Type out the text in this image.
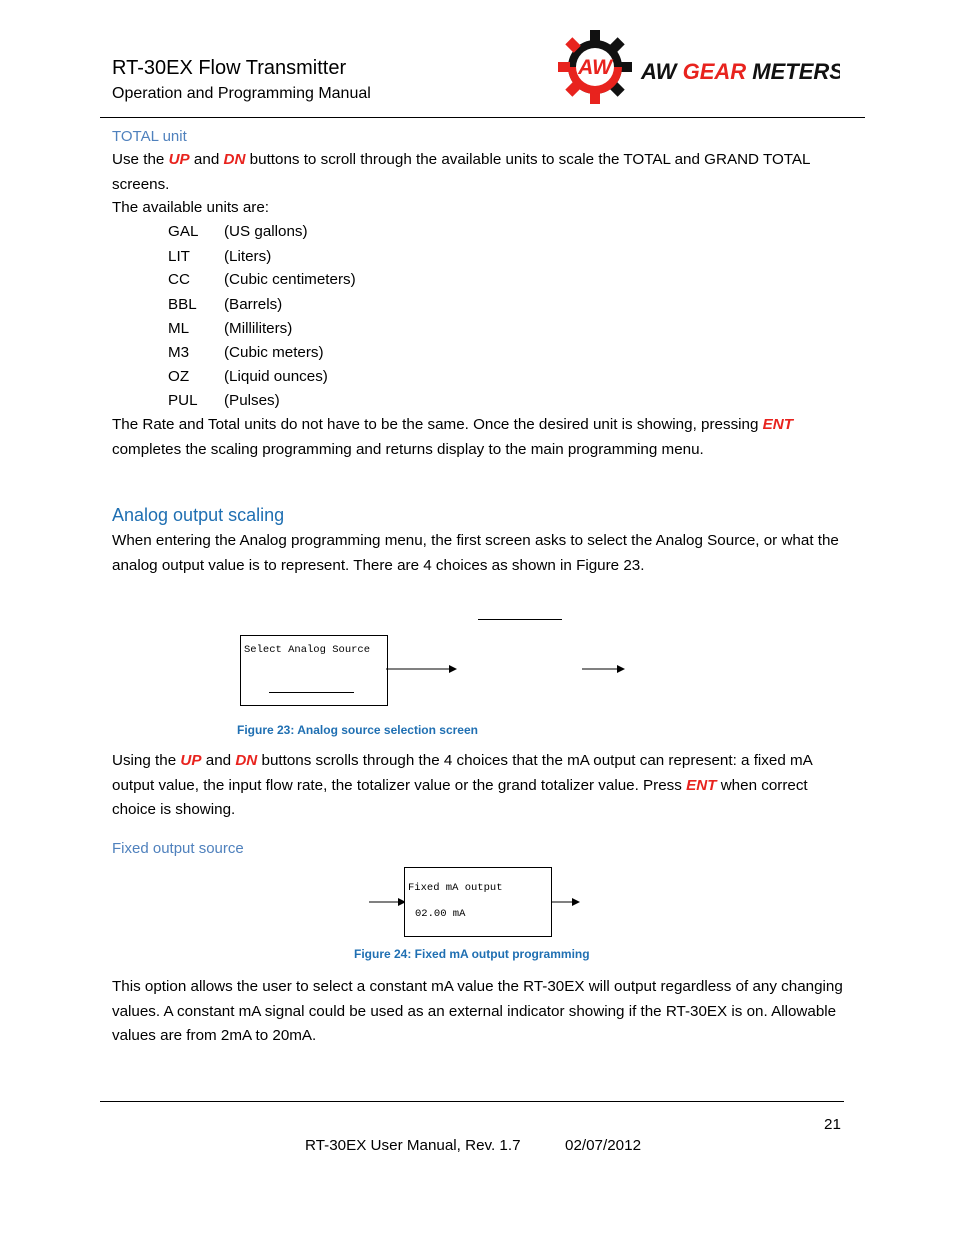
RT-30EX Flow Transmitter
Operation and Programming Manual
AW AW GEAR METERS
TOTAL unit
Use the UP and DN buttons to scroll through the available units to scale the TOTAL and GRAND TOTAL screens.
The available units are:
GAL (US gallons)
LIT (Liters)
CC (Cubic centimeters)
BBL (Barrels)
ML (Milliliters)
M3 (Cubic meters)
OZ (Liquid ounces)
PUL (Pulses)
The Rate and Total units do not have to be the same. Once the desired unit is showing, pressing ENT completes the scaling programming and returns display to the main programming menu.
Analog output scaling
When entering the Analog programming menu, the first screen asks to select the Analog Source, or what the analog output value is to represent. There are 4 choices as shown in Figure 23.
Select Analog Source
Figure 23: Analog source selection screen
Using the UP and DN buttons scrolls through the 4 choices that the mA output can represent: a fixed mA output value, the input flow rate, the totalizer value or the grand totalizer value. Press ENT when correct choice is showing.
Fixed output source
Fixed mA output
02.00 mA
Figure 24: Fixed mA output programming
This option allows the user to select a constant mA value the RT-30EX will output regardless of any changing values. A constant mA signal could be used as an external indicator showing if the RT-30EX is on. Allowable values are from 2mA to 20mA.
21
RT-30EX User Manual, Rev. 1.7	02/07/2012
